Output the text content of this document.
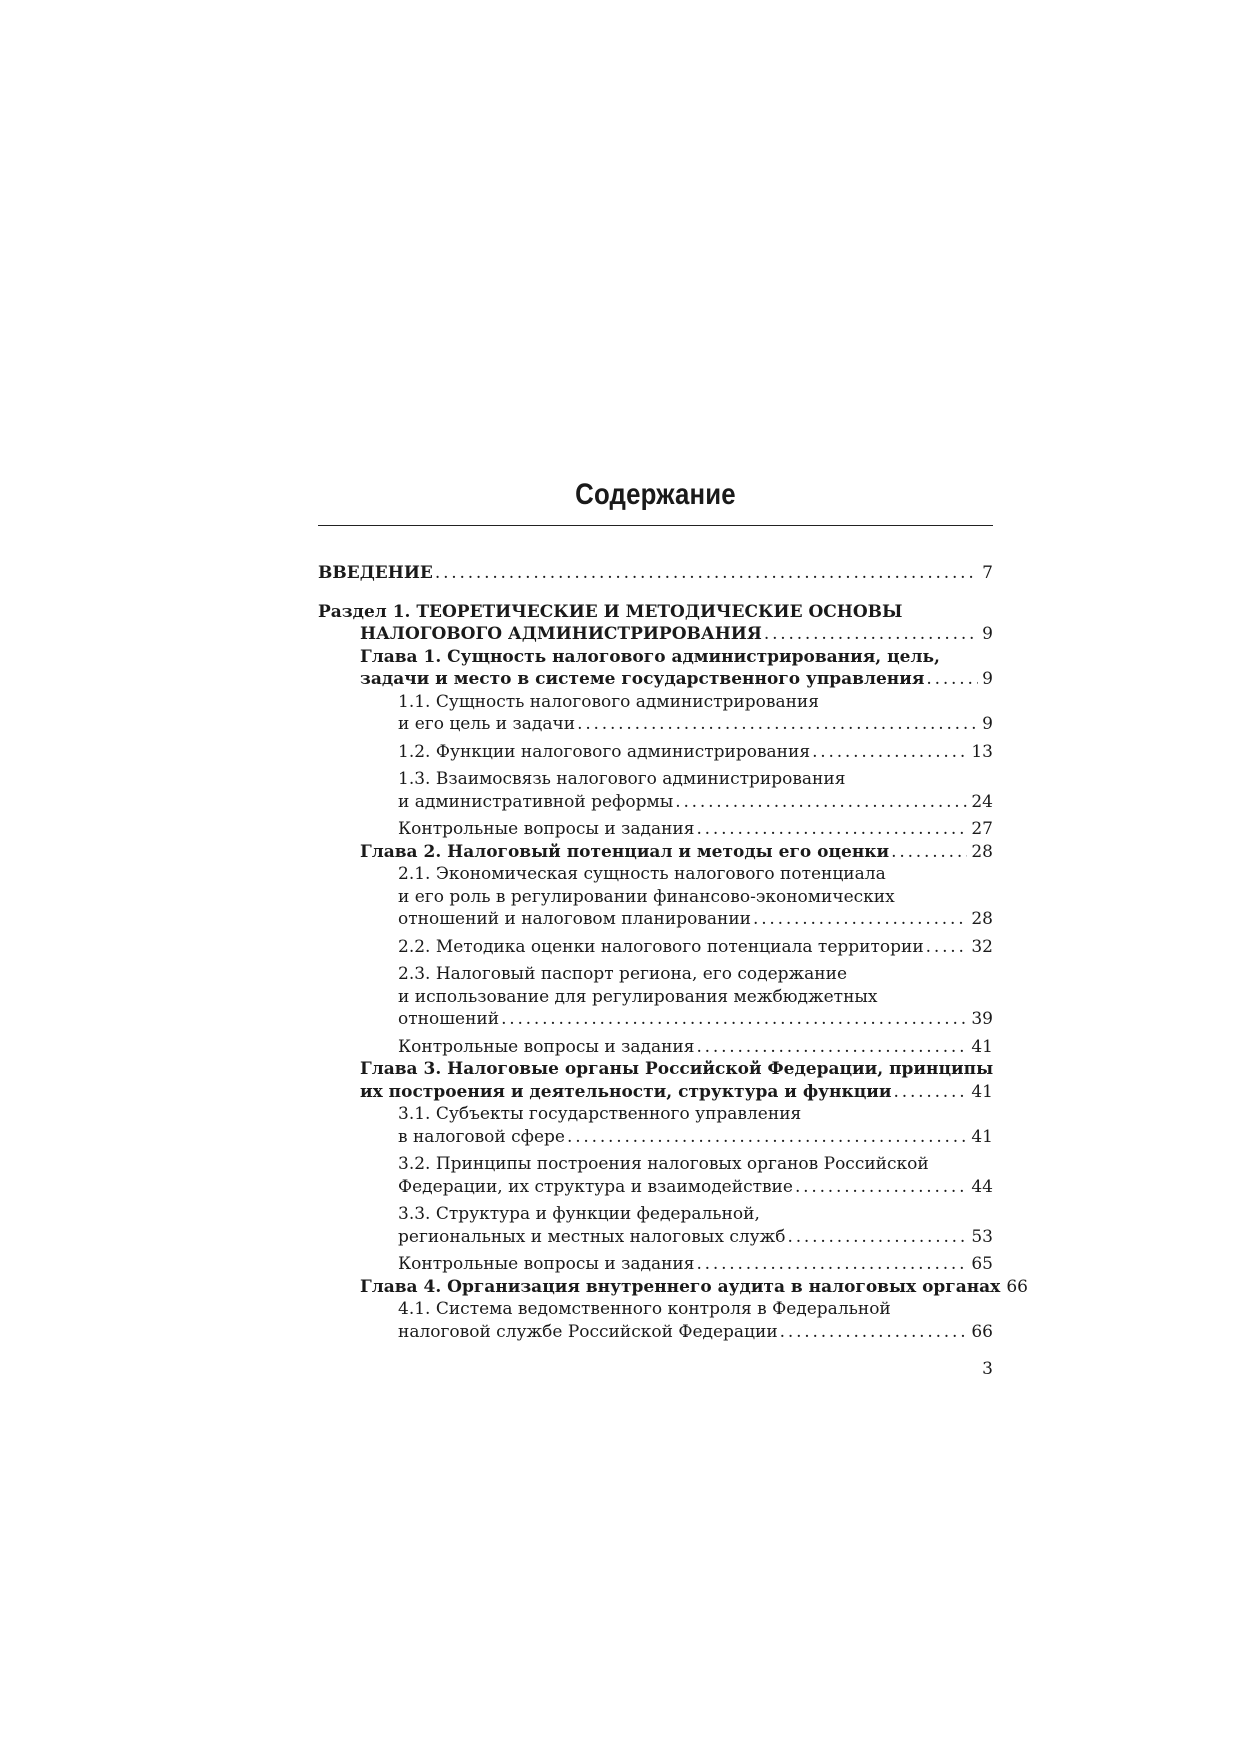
Содержание
ВВЕДЕНИЕ . . .	7
Раздел 1. ТЕОРЕТИЧЕСКИЕ И МЕТОДИЧЕСКИЕ ОСНОВЫ
НАЛОГОВОГО АДМИНИСТРИРОВАНИЯ . . .	9
Глава 1. Сущность налогового администрирования, цель,
задачи и место в системе государственного управления . . .	9
1.1. Сущность налогового администрирования
и его цель и задачи . . .	9
1.2. Функции налогового администрирования . . .	13
1.3. Взаимосвязь налогового администрирования
и административной реформы . . .	24
Контрольные вопросы и задания . . .	27
Глава 2. Налоговый потенциал и методы его оценки . . .	28
2.1. Экономическая сущность налогового потенциала
и его роль в регулировании финансово-экономических
отношений и налоговом планировании . . .	28
2.2. Методика оценки налогового потенциала территории . . .	32
2.3. Налоговый паспорт региона, его содержание
и использование для регулирования межбюджетных
отношений . . .	39
Контрольные вопросы и задания . . .	41
Глава 3. Налоговые органы Российской Федерации, принципы
их построения и деятельности, структура и функции . . .	41
3.1. Субъекты государственного управления
в налоговой сфере . . .	41
3.2. Принципы построения налоговых органов Российской
Федерации, их структура и взаимодействие . . .	44
3.3. Структура и функции федеральной,
региональных и местных налоговых служб . . .	53
Контрольные вопросы и задания . . .	65
Глава 4. Организация внутреннего аудита в налоговых органах 66
4.1. Система ведомственного контроля в Федеральной
налоговой службе Российской Федерации . . .	66
3
